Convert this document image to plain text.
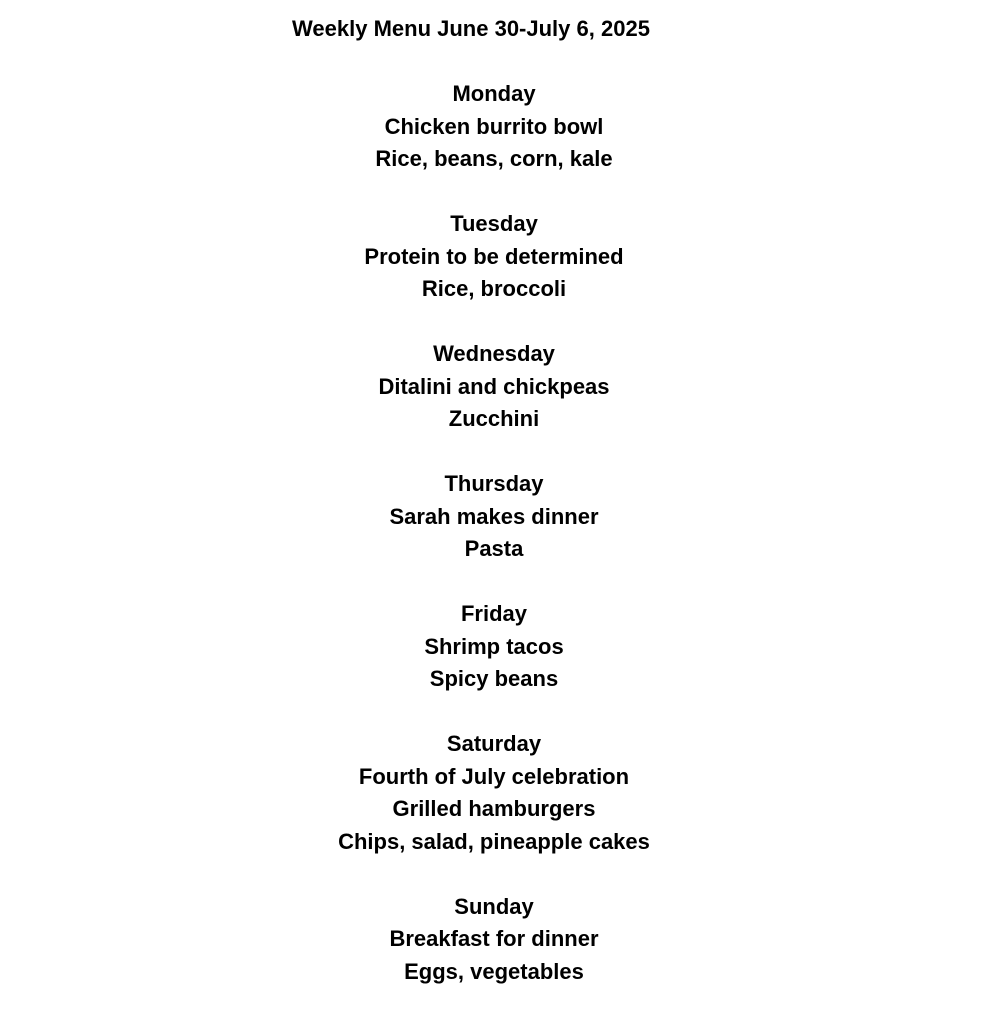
Weekly Menu June 30-July 6, 2025
Monday
Chicken burrito bowl
Rice, beans, corn, kale
Tuesday
Protein to be determined
Rice, broccoli
Wednesday
Ditalini and chickpeas
Zucchini
Thursday
Sarah makes dinner
Pasta
Friday
Shrimp tacos
Spicy beans
Saturday
Fourth of July celebration
Grilled hamburgers
Chips, salad, pineapple cakes
Sunday
Breakfast for dinner
Eggs, vegetables
